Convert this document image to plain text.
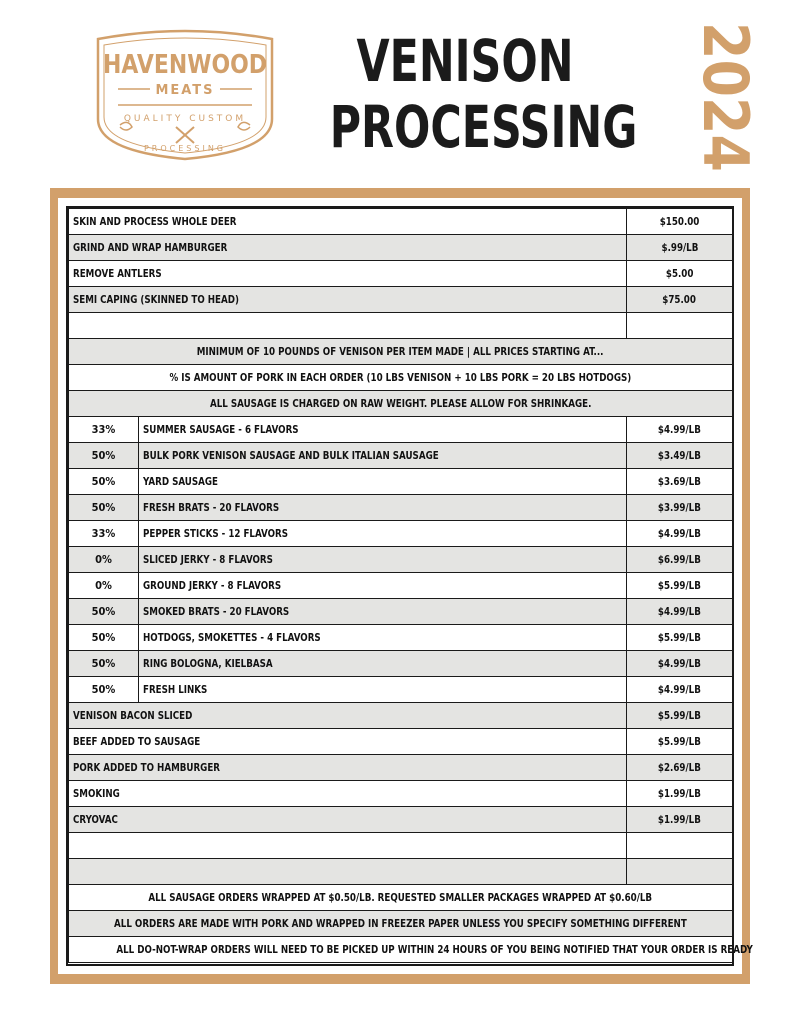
HAVENWOOD
MEATS
QUALITY CUSTOM
PROCESSING
VENISON
PROCESSING 2024
SKIN AND PROCESS WHOLE DEER		$150.00
GRIND AND WRAP HAMBURGER		$.99/LB
REMOVE ANTLERS		$5.00
SEMI CAPING (SKINNED TO HEAD)		$75.00

MINIMUM OF 10 POUNDS OF VENISON PER ITEM MADE | ALL PRICES STARTING AT...		
% IS AMOUNT OF PORK IN EACH ORDER (10 LBS VENISON + 10 LBS PORK = 20 LBS HOTDOGS)		
ALL SAUSAGE IS CHARGED ON RAW WEIGHT. PLEASE ALLOW FOR SHRINKAGE.		
33%	SUMMER SAUSAGE - 6 FLAVORS	$4.99/LB
50%	BULK PORK VENISON SAUSAGE AND BULK ITALIAN SAUSAGE	$3.49/LB
50%	YARD SAUSAGE	$3.69/LB
50%	FRESH BRATS - 20 FLAVORS	$3.99/LB
33%	PEPPER STICKS - 12 FLAVORS	$4.99/LB
0%	SLICED JERKY - 8 FLAVORS	$6.99/LB
0%	GROUND JERKY - 8 FLAVORS	$5.99/LB
50%	SMOKED BRATS - 20 FLAVORS	$4.99/LB
50%	HOTDOGS, SMOKETTES - 4 FLAVORS	$5.99/LB
50%	RING BOLOGNA, KIELBASA	$4.99/LB
50%	FRESH LINKS	$4.99/LB
VENISON BACON SLICED		$5.99/LB
BEEF ADDED TO SAUSAGE		$5.99/LB
PORK ADDED TO HAMBURGER		$2.69/LB
SMOKING		$1.99/LB
CRYOVAC		$1.99/LB

ALL SAUSAGE ORDERS WRAPPED AT $0.50/LB. REQUESTED SMALLER PACKAGES WRAPPED AT $0.60/LB		
ALL ORDERS ARE MADE WITH PORK AND WRAPPED IN FREEZER PAPER UNLESS YOU SPECIFY SOMETHING DIFFERENT		
ALL DO-NOT-WRAP ORDERS WILL NEED TO BE PICKED UP WITHIN 24 HOURS OF YOU BEING NOTIFIED THAT YOUR ORDER IS READY		
